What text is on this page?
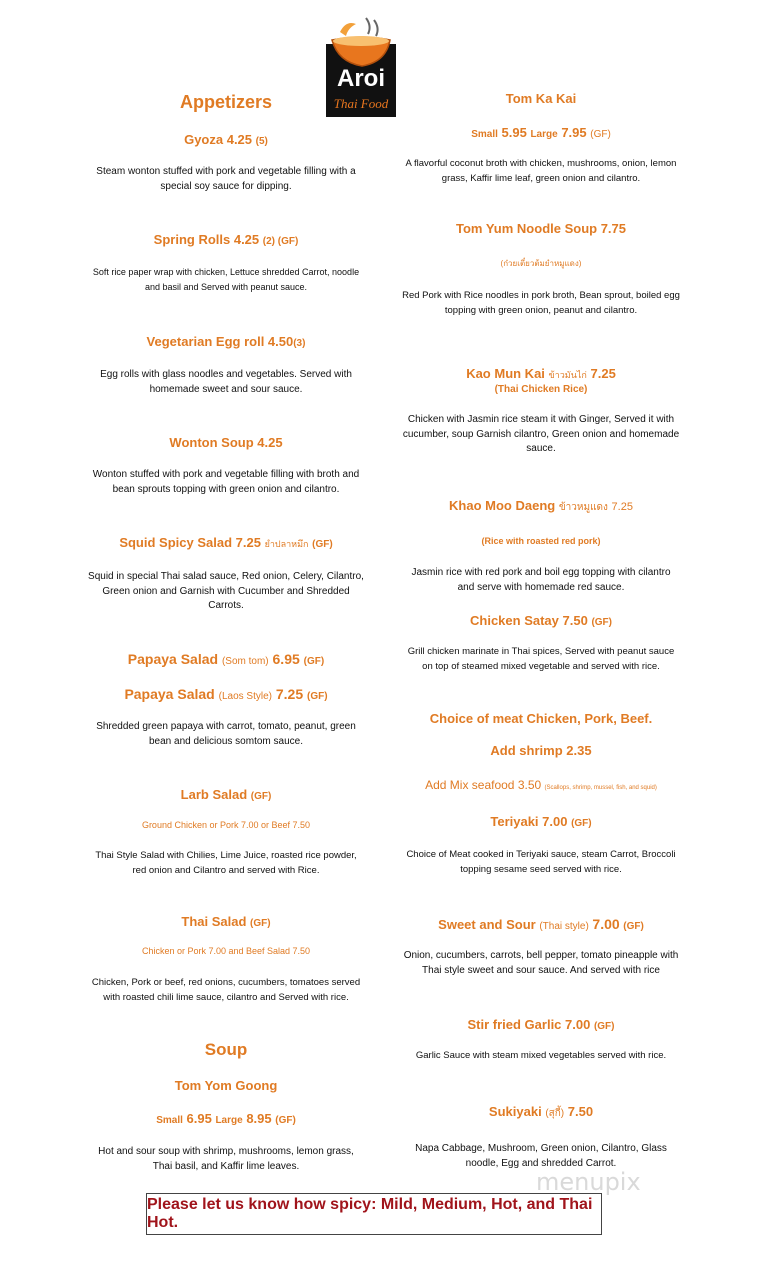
Aroi
Thai Food
Appetizers
Gyoza 4.25 (5)
Steam wonton stuffed with pork and vegetable filling with a special soy sauce for dipping.
Spring Rolls 4.25 (2) (GF)
Soft rice paper wrap with chicken, Lettuce shredded Carrot, noodle and basil and Served with peanut sauce.
Vegetarian Egg roll 4.50(3)
Egg rolls with glass noodles and vegetables. Served with homemade sweet and sour sauce.
Wonton Soup 4.25
Wonton stuffed with pork and vegetable filling with broth and bean sprouts topping with green onion and cilantro.
Squid Spicy Salad 7.25 ยำปลาหมึก (GF)
Squid in special Thai salad sauce, Red onion, Celery, Cilantro, Green onion and Garnish with Cucumber and Shredded Carrots.
Papaya Salad (Som tom) 6.95 (GF)
Papaya Salad (Laos Style) 7.25 (GF)
Shredded green papaya with carrot, tomato, peanut, green bean and delicious somtom sauce.
Larb Salad (GF)
Ground Chicken or Pork 7.00 or Beef 7.50
Thai Style Salad with Chilies, Lime Juice, roasted rice powder, red onion and Cilantro and served with Rice.
Thai Salad (GF)
Chicken or Pork 7.00 and Beef Salad 7.50
Chicken, Pork or beef, red onions, cucumbers, tomatoes served with roasted chili lime sauce, cilantro and Served with rice.
Soup
Tom Yom Goong
Small 6.95 Large 8.95 (GF)
Hot and sour soup with shrimp, mushrooms, lemon grass, Thai basil, and Kaffir lime leaves.
Tom Ka Kai
Small 5.95 Large 7.95 (GF)
A flavorful coconut broth with chicken, mushrooms, onion, lemon grass, Kaffir lime leaf, green onion and cilantro.
Tom Yum Noodle Soup 7.75
(ก๋วยเตี๋ยวต้มยำหมูแดง)
Red Pork with Rice noodles in pork broth, Bean sprout, boiled egg topping with green onion, peanut and cilantro.
Kao Mun Kai ข้าวมันไก่ 7.25
(Thai Chicken Rice)
Chicken with Jasmin rice steam it with Ginger, Served it with cucumber, soup Garnish cilantro, Green onion and homemade sauce.
Khao Moo Daeng ข้าวหมูแดง 7.25
(Rice with roasted red pork)
Jasmin rice with red pork and boil egg topping with cilantro and serve with homemade red sauce.
Chicken Satay 7.50 (GF)
Grill chicken marinate in Thai spices, Served with peanut sauce on top of steamed mixed vegetable and served with rice.
Choice of meat Chicken, Pork, Beef.
Add shrimp 2.35
Add Mix seafood 3.50 (Scallops, shrimp, mussel, fish, and squid)
Teriyaki 7.00 (GF)
Choice of Meat cooked in Teriyaki sauce, steam Carrot, Broccoli topping sesame seed served with rice.
Sweet and Sour (Thai style) 7.00 (GF)
Onion, cucumbers, carrots, bell pepper, tomato pineapple with Thai style sweet and sour sauce. And served with rice
Stir fried Garlic 7.00 (GF)
Garlic Sauce with steam mixed vegetables served with rice.
Sukiyaki (สุกี้) 7.50
Napa Cabbage, Mushroom, Green onion, Cilantro, Glass noodle, Egg and shredded Carrot.
menupix
Please let us know how spicy: Mild, Medium, Hot, and Thai Hot.
